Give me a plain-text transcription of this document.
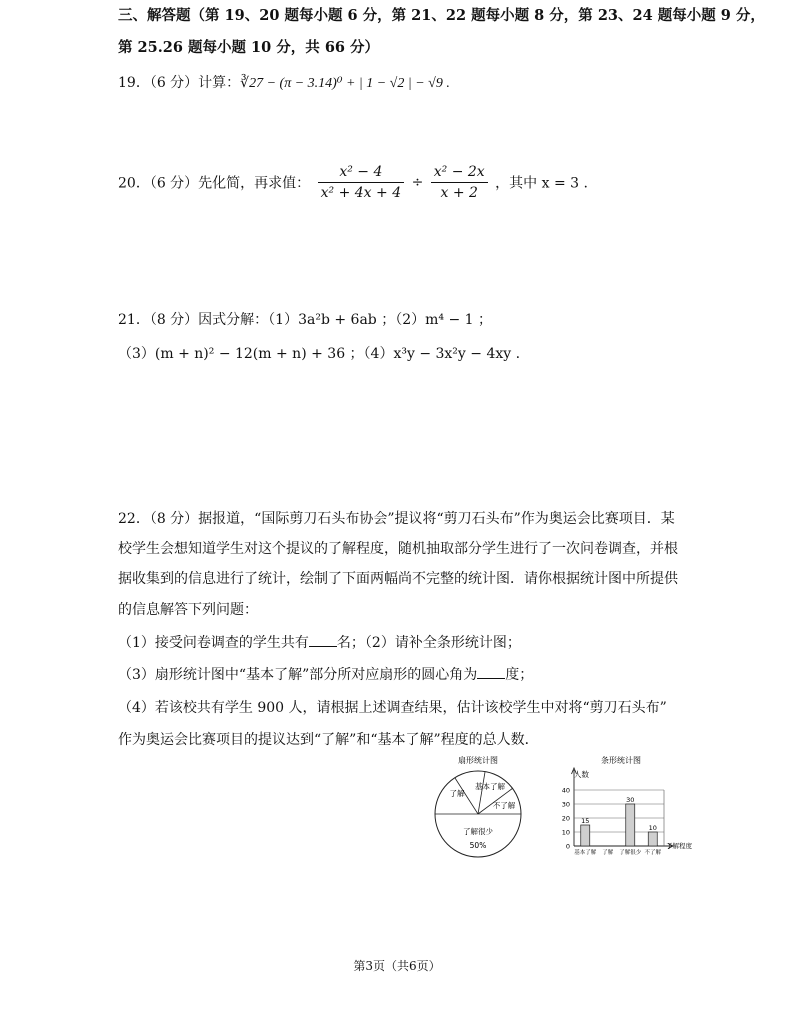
三、解答题（第 19、20 题每小题 6 分，第 21、22 题每小题 8 分，第 23、24 题每小题 9 分，
第 25.26 题每小题 10 分，共 66 分）
19．（6 分）计算：∛27 − (π − 3.14)⁰ + | 1 − √2 | − √9 .
20．（6 分）先化简，再求值： $\frac{\text{x² − 4}}{\text{x² + 4x + 4}} \div \frac{\text{x² − 2x}}{x + 2}$ ，其中 x = 3 .
21．（8 分）因式分解：（1）3a²b + 6ab ；（2）m⁴ − 1 ；
（3）(m + n)² − 12(m + n) + 36 ；（4）x³y − 3x²y − 4xy .
22．（8 分）据报道，“国际剪刀石头布协会”提议将“剪刀石头布”作为奥运会比赛项目．某
校学生会想知道学生对这个提议的了解程度，随机抽取部分学生进行了一次问卷调查，并根
据收集到的信息进行了统计，绘制了下面两幅尚不完整的统计图．请你根据统计图中所提供
的信息解答下列问题：
（1）接受问卷调查的学生共有 名；（2）请补全条形统计图；
（3）扇形统计图中“基本了解”部分所对应扇形的圆心角为 度；
（4）若该校共有学生 900 人，请根据上述调查结果，估计该校学生中对将“剪刀石头布”
作为奥运会比赛项目的提议达到“了解”和“基本了解”程度的总人数．
扇形统计图
了解
基本了解
不了解
了解很少
50%
条形统计图
人数
0
10
20
30
40
15
30
10
基本了解 了解 了解很少 不了解
了解程度
第3页（共6页）
